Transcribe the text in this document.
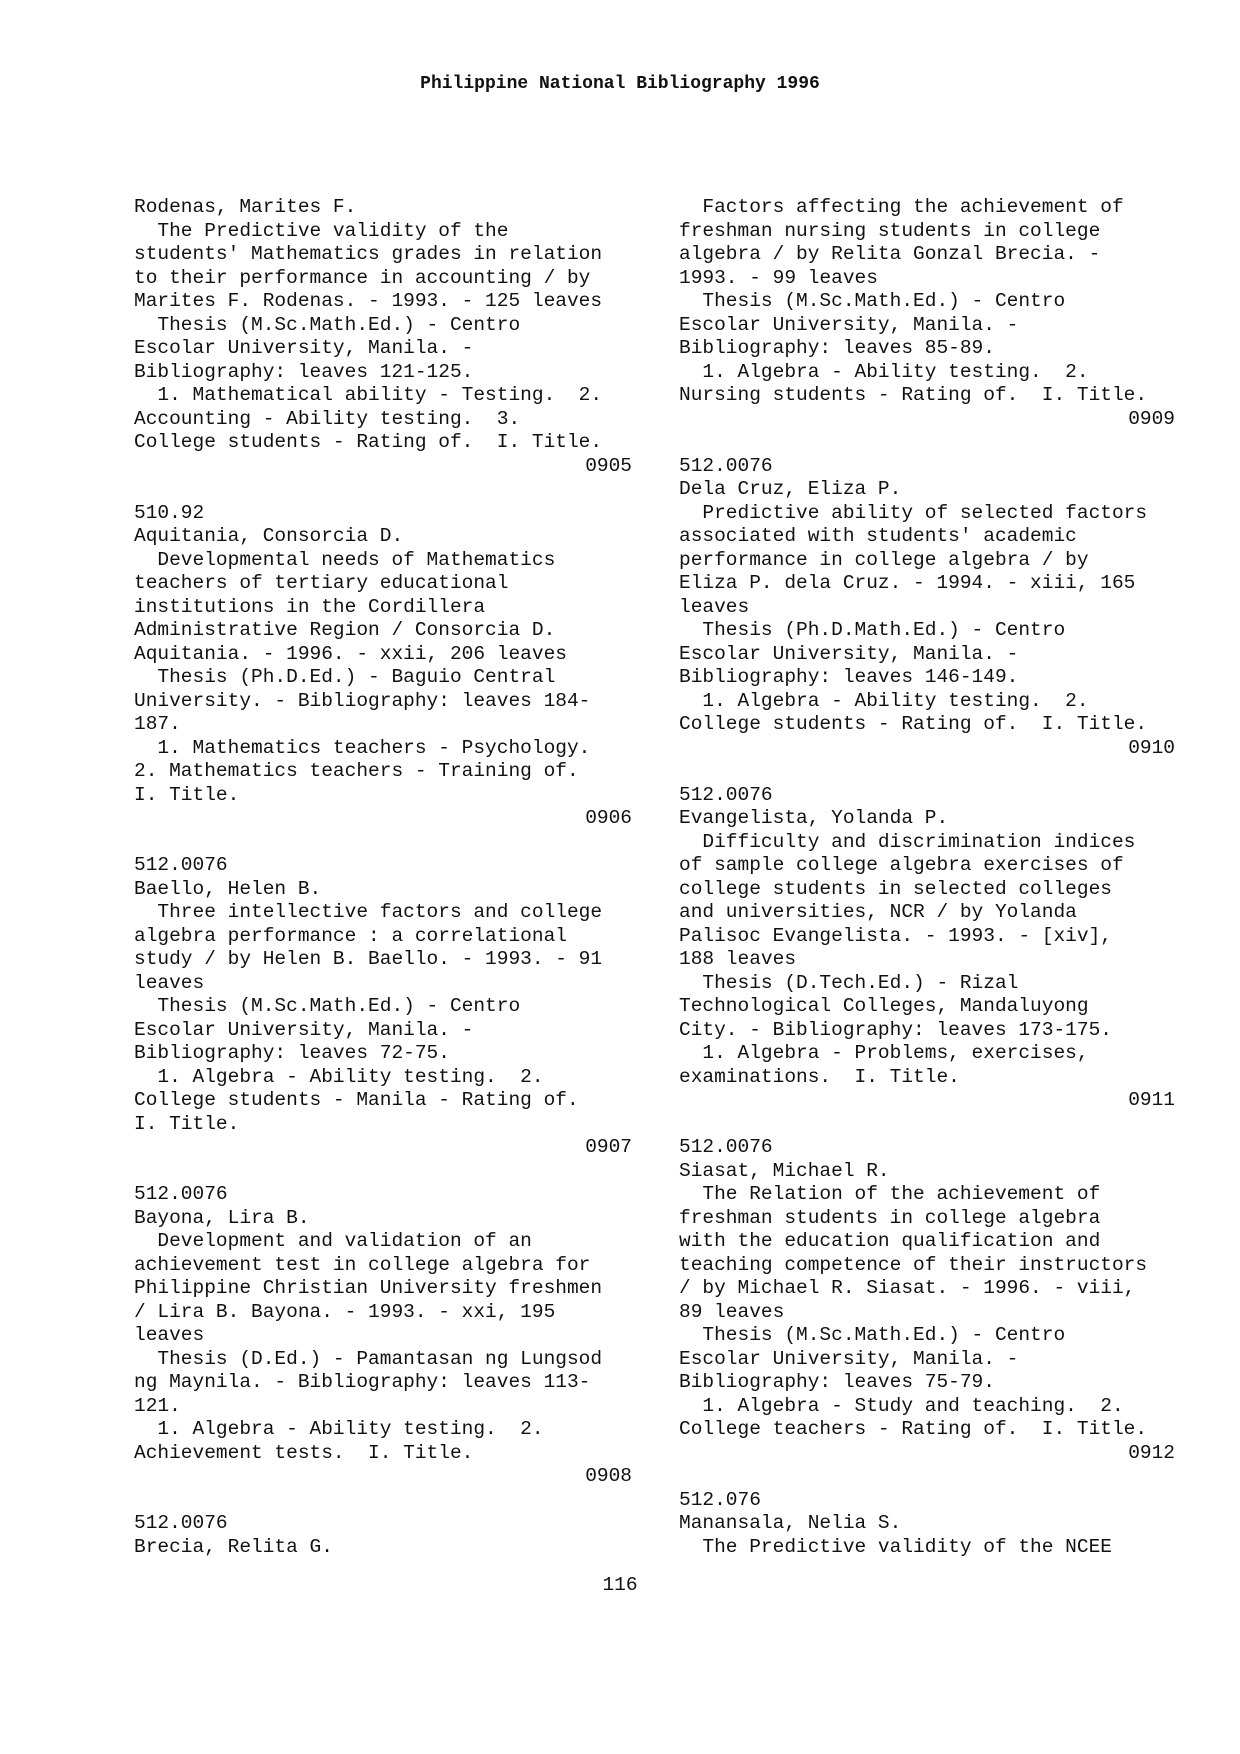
Philippine National Bibliography 1996
Rodenas, Marites F.
The Predictive validity of the
students' Mathematics grades in relation
to their performance in accounting / by
Marites F. Rodenas. - 1993. - 125 leaves
Thesis (M.Sc.Math.Ed.) - Centro
Escolar University, Manila. -
Bibliography: leaves 121-125.
1. Mathematical ability - Testing.  2.
Accounting - Ability testing.  3.
College students - Rating of.  I. Title.
0905
510.92
Aquitania, Consorcia D.
Developmental needs of Mathematics
teachers of tertiary educational
institutions in the Cordillera
Administrative Region / Consorcia D.
Aquitania. - 1996. - xxii, 206 leaves
Thesis (Ph.D.Ed.) - Baguio Central
University. - Bibliography: leaves 184-
187.
1. Mathematics teachers - Psychology.
2. Mathematics teachers - Training of.
I. Title.
0906
512.0076
Baello, Helen B.
Three intellective factors and college
algebra performance : a correlational
study / by Helen B. Baello. - 1993. - 91
leaves
Thesis (M.Sc.Math.Ed.) - Centro
Escolar University, Manila. -
Bibliography: leaves 72-75.
1. Algebra - Ability testing.  2.
College students - Manila - Rating of.
I. Title.
0907
512.0076
Bayona, Lira B.
Development and validation of an
achievement test in college algebra for
Philippine Christian University freshmen
/ Lira B. Bayona. - 1993. - xxi, 195
leaves
Thesis (D.Ed.) - Pamantasan ng Lungsod
ng Maynila. - Bibliography: leaves 113-
121.
1. Algebra - Ability testing.  2.
Achievement tests.  I. Title.
0908
512.0076
Brecia, Relita G.
Factors affecting the achievement of
freshman nursing students in college
algebra / by Relita Gonzal Brecia. -
1993. - 99 leaves
Thesis (M.Sc.Math.Ed.) - Centro
Escolar University, Manila. -
Bibliography: leaves 85-89.
1. Algebra - Ability testing.  2.
Nursing students - Rating of.  I. Title.
0909
512.0076
Dela Cruz, Eliza P.
Predictive ability of selected factors
associated with students' academic
performance in college algebra / by
Eliza P. dela Cruz. - 1994. - xiii, 165
leaves
Thesis (Ph.D.Math.Ed.) - Centro
Escolar University, Manila. -
Bibliography: leaves 146-149.
1. Algebra - Ability testing.  2.
College students - Rating of.  I. Title.
0910
512.0076
Evangelista, Yolanda P.
Difficulty and discrimination indices
of sample college algebra exercises of
college students in selected colleges
and universities, NCR / by Yolanda
Palisoc Evangelista. - 1993. - [xiv],
188 leaves
Thesis (D.Tech.Ed.) - Rizal
Technological Colleges, Mandaluyong
City. - Bibliography: leaves 173-175.
1. Algebra - Problems, exercises,
examinations.  I. Title.
0911
512.0076
Siasat, Michael R.
The Relation of the achievement of
freshman students in college algebra
with the education qualification and
teaching competence of their instructors
/ by Michael R. Siasat. - 1996. - viii,
89 leaves
Thesis (M.Sc.Math.Ed.) - Centro
Escolar University, Manila. -
Bibliography: leaves 75-79.
1. Algebra - Study and teaching.  2.
College teachers - Rating of.  I. Title.
0912
512.076
Manansala, Nelia S.
The Predictive validity of the NCEE
116
